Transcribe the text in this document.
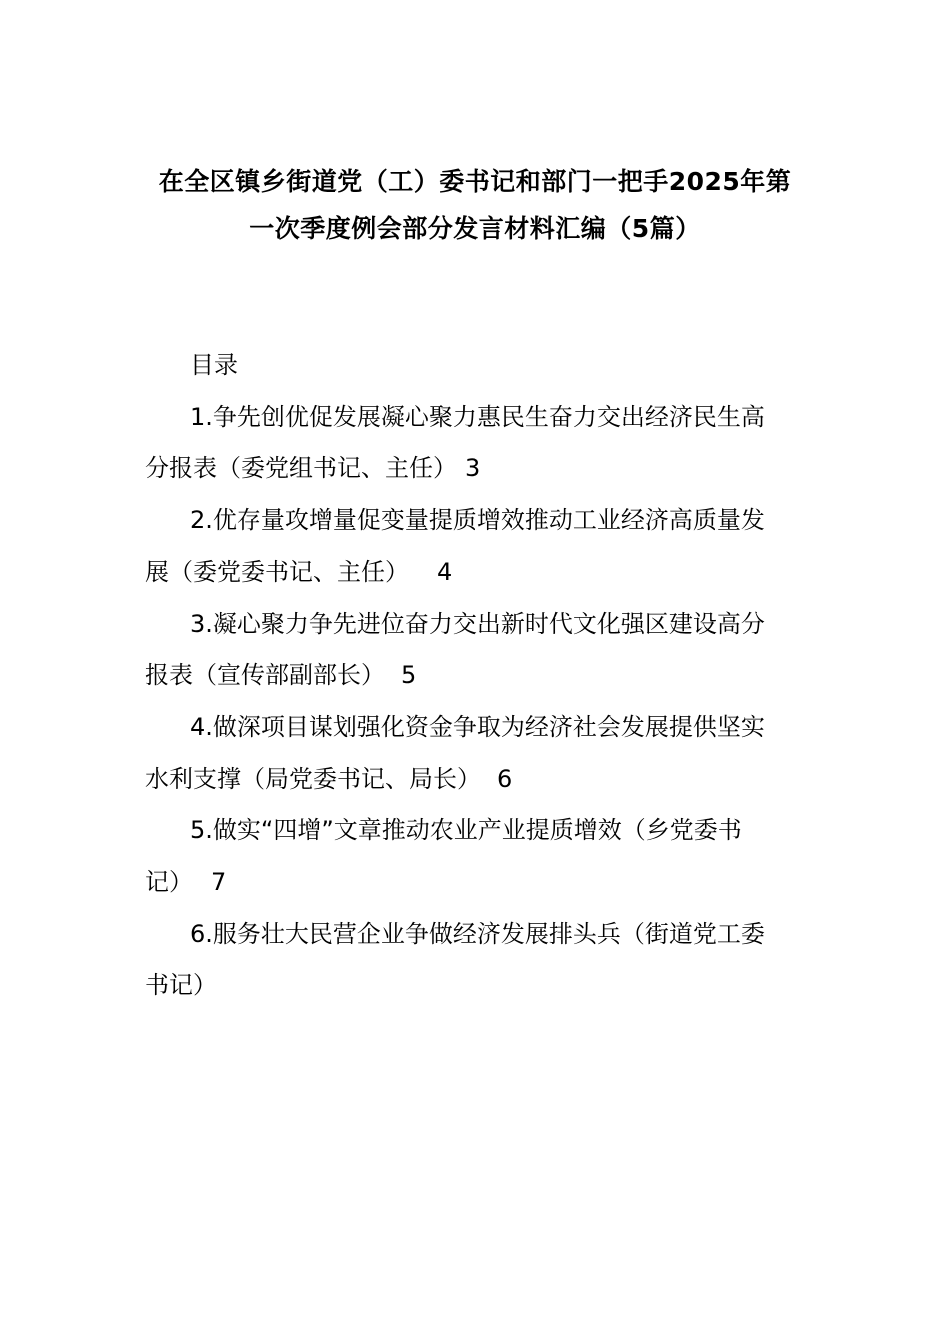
在全区镇乡街道党（工）委书记和部门一把手2025年第
一次季度例会部分发言材料汇编（5篇）
目录
1.争先创优促发展凝心聚力惠民生奋力交出经济民生高
分报表（委党组书记、主任） 3
2.优存量攻增量促变量提质增效推动工业经济高质量发
展（委党委书记、主任） 4
3.凝心聚力争先进位奋力交出新时代文化强区建设高分
报表（宣传部副部长） 5
4.做深项目谋划强化资金争取为经济社会发展提供坚实
水利支撑（局党委书记、局长） 6
5.做实“四增”文章推动农业产业提质增效（乡党委书
记） 7
6.服务壮大民营企业争做经济发展排头兵（街道党工委
书记）
